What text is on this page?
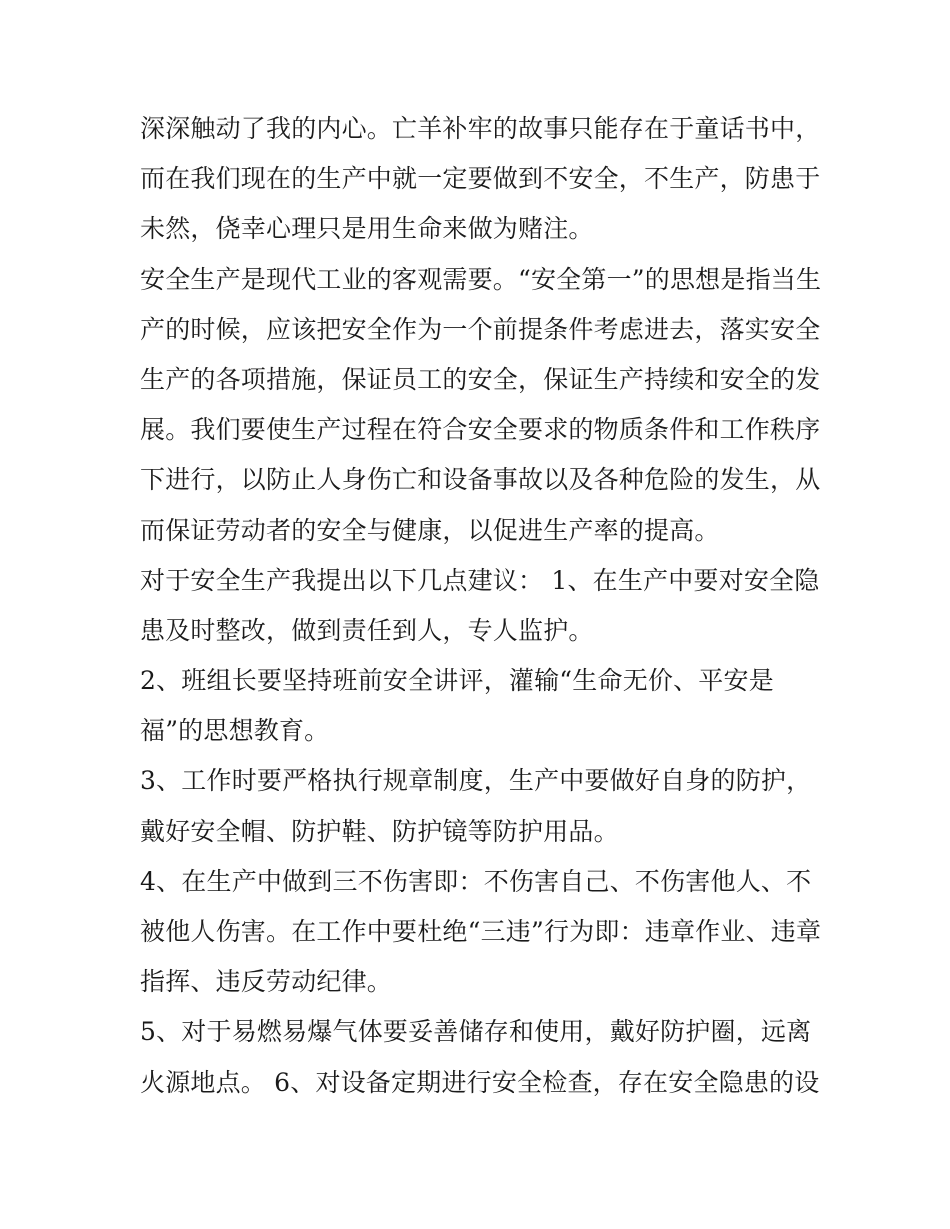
深深触动了我的内心。亡羊补牢的故事只能存在于童话书中，
而在我们现在的生产中就一定要做到不安全，不生产，防患于
未然，侥幸心理只是用生命来做为赌注。
安全生产是现代工业的客观需要。“安全第一”的思想是指当生
产的时候，应该把安全作为一个前提条件考虑进去，落实安全
生产的各项措施，保证员工的安全，保证生产持续和安全的发
展。我们要使生产过程在符合安全要求的物质条件和工作秩序
下进行，以防止人身伤亡和设备事故以及各种危险的发生，从
而保证劳动者的安全与健康，以促进生产率的提高。
对于安全生产我提出以下几点建议： 1、在生产中要对安全隐
患及时整改，做到责任到人，专人监护。
2、班组长要坚持班前安全讲评，灌输“生命无价、平安是
福”的思想教育。
3、工作时要严格执行规章制度，生产中要做好自身的防护，
戴好安全帽、防护鞋、防护镜等防护用品。
4、在生产中做到三不伤害即：不伤害自己、不伤害他人、不
被他人伤害。在工作中要杜绝“三违”行为即：违章作业、违章
指挥、违反劳动纪律。
5、对于易燃易爆气体要妥善储存和使用，戴好防护圈，远离
火源地点。 6、对设备定期进行安全检查，存在安全隐患的设
